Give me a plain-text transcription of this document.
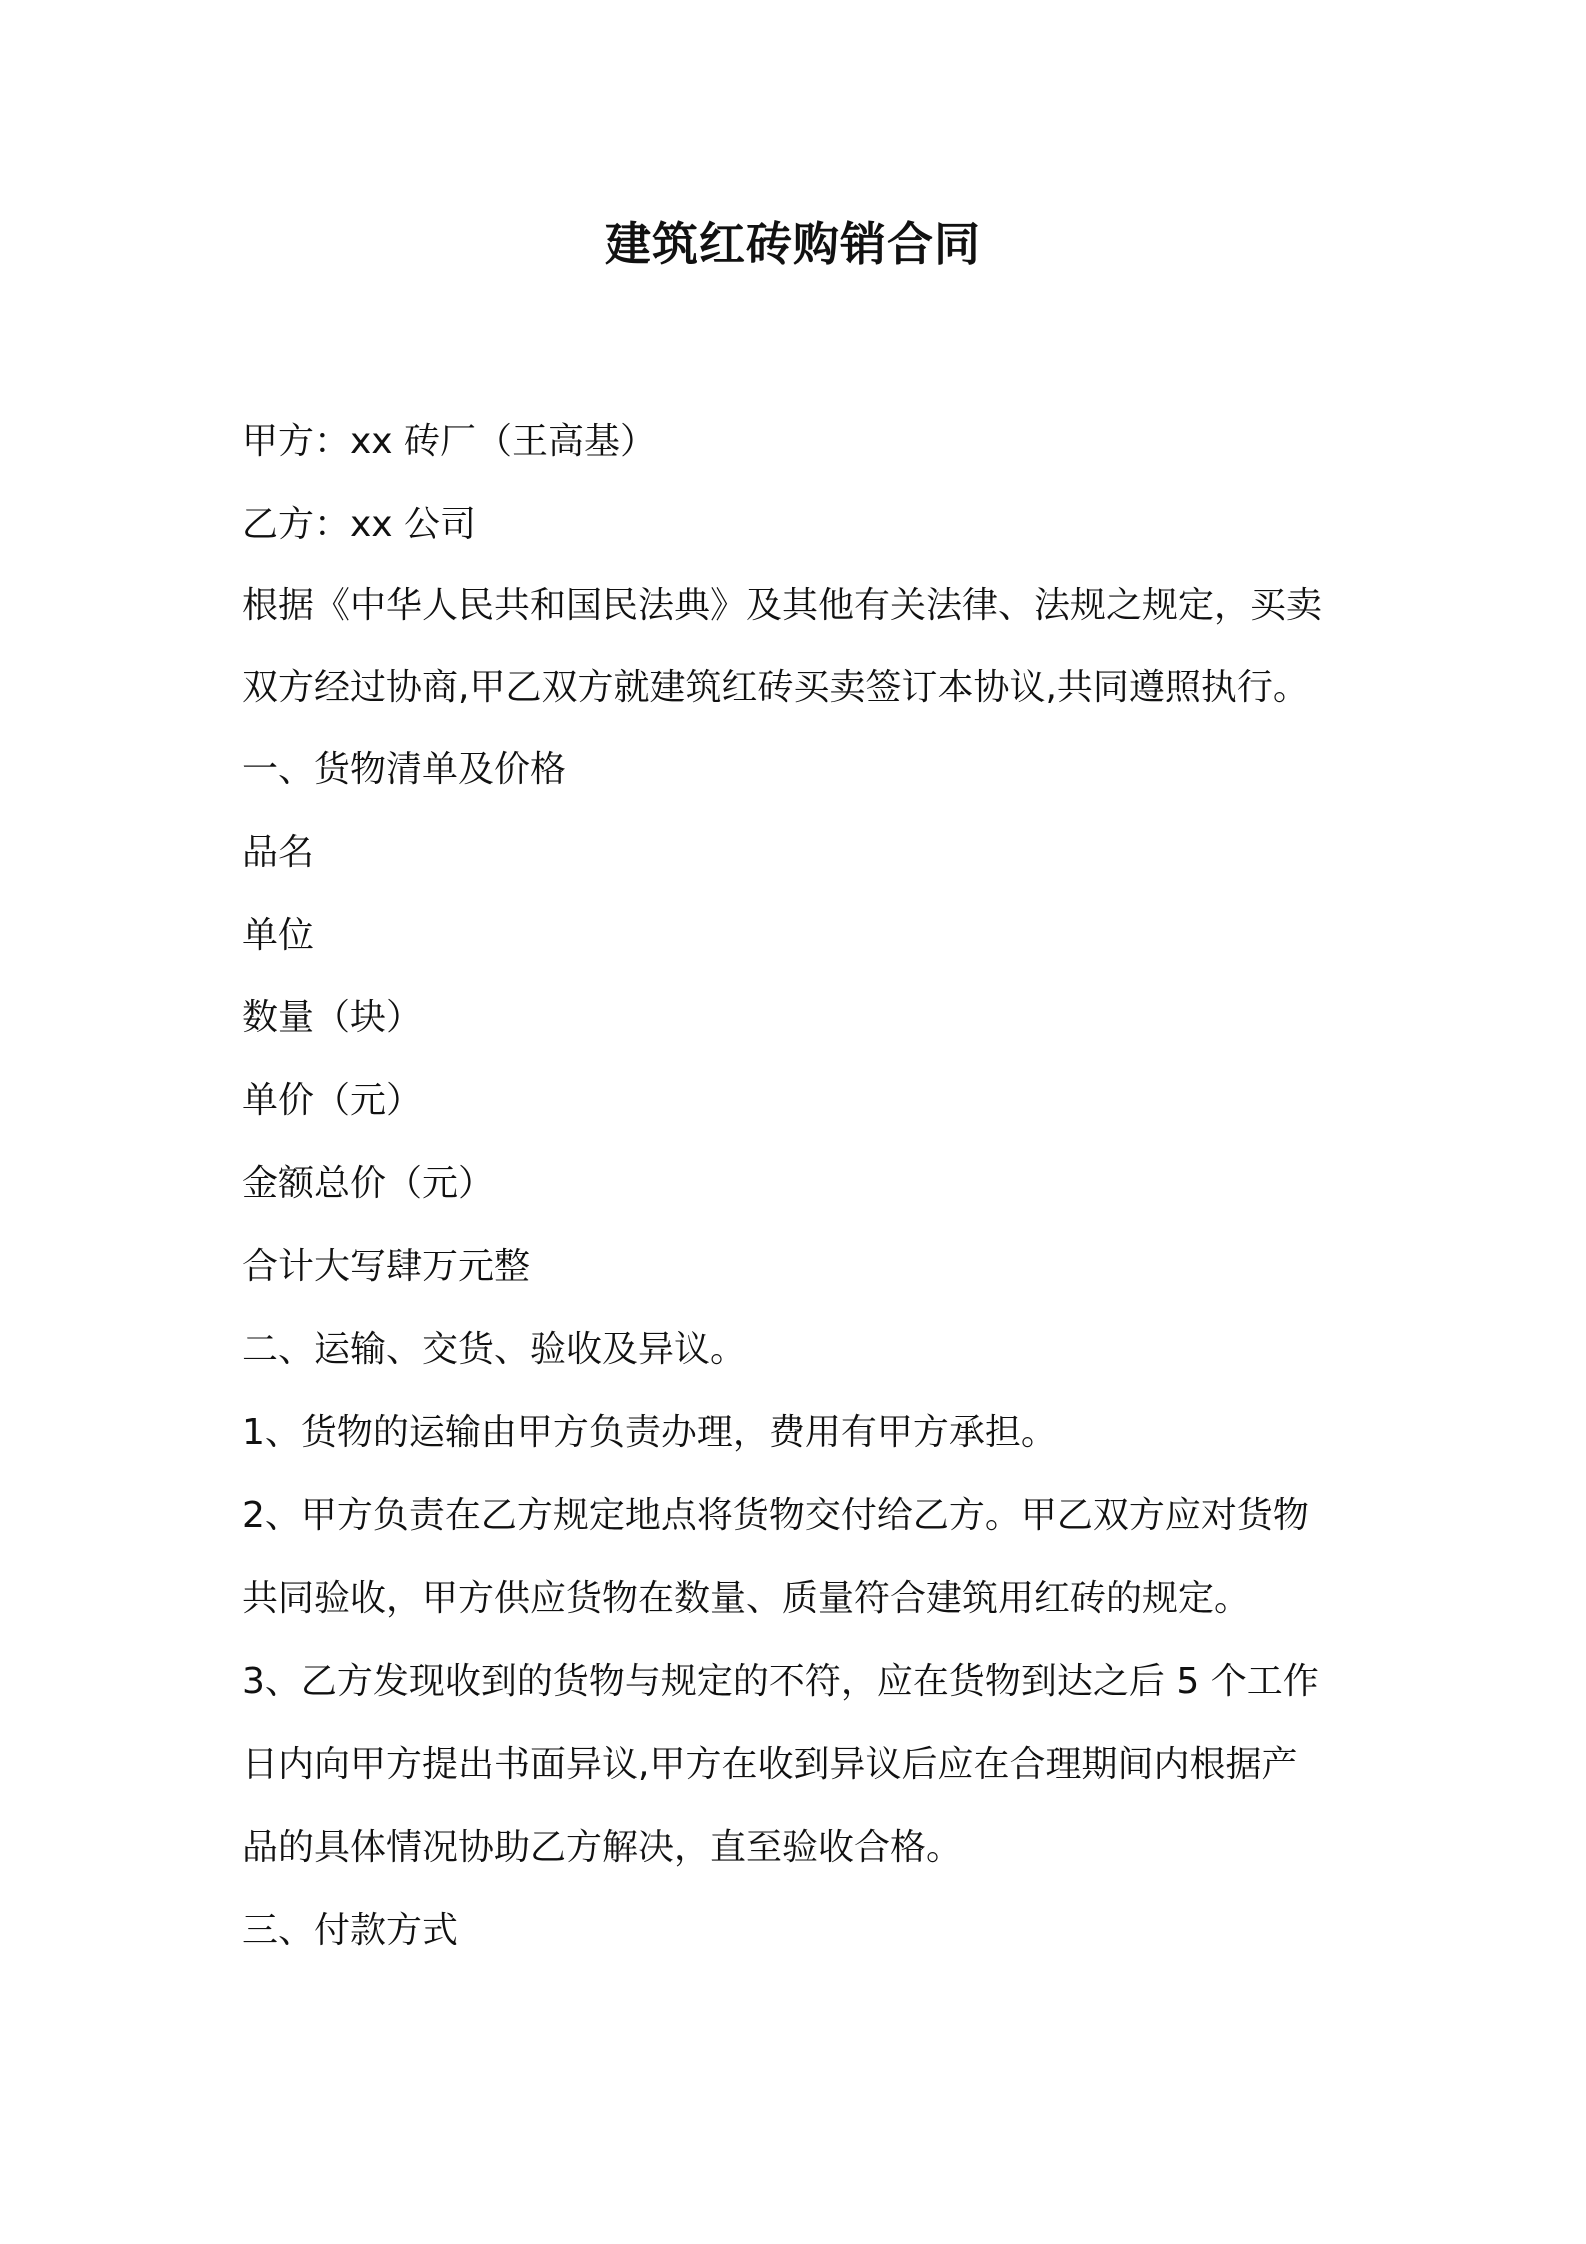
建筑红砖购销合同
甲方：xx 砖厂（王高基）
乙方：xx 公司
根据《中华人民共和国民法典》及其他有关法律、法规之规定，买卖
双方经过协商,甲乙双方就建筑红砖买卖签订本协议,共同遵照执行。
一、货物清单及价格
品名
单位
数量（块）
单价（元）
金额总价（元）
合计大写肆万元整
二、运输、交货、验收及异议。
1、货物的运输由甲方负责办理，费用有甲方承担。
2、甲方负责在乙方规定地点将货物交付给乙方。甲乙双方应对货物
共同验收，甲方供应货物在数量、质量符合建筑用红砖的规定。
3、乙方发现收到的货物与规定的不符，应在货物到达之后 5 个工作
日内向甲方提出书面异议,甲方在收到异议后应在合理期间内根据产
品的具体情况协助乙方解决，直至验收合格。
三、付款方式
